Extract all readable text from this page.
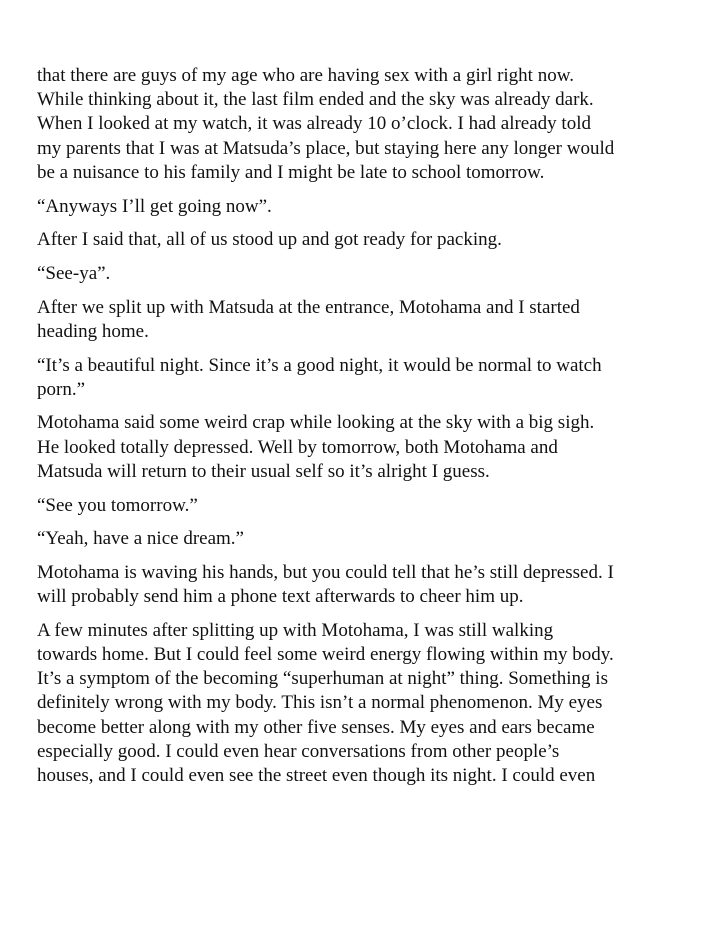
that there are guys of my age who are having sex with a girl right now.
While thinking about it, the last film ended and the sky was already dark.
When I looked at my watch, it was already 10 o’clock. I had already told
my parents that I was at Matsuda’s place, but staying here any longer would
be a nuisance to his family and I might be late to school tomorrow.

“Anyways I’ll get going now”.

After I said that, all of us stood up and got ready for packing.

“See-ya”.

After we split up with Matsuda at the entrance, Motohama and I started
heading home.

“It’s a beautiful night. Since it’s a good night, it would be normal to watch
porn.”

Motohama said some weird crap while looking at the sky with a big sigh.
He looked totally depressed. Well by tomorrow, both Motohama and
Matsuda will return to their usual self so it’s alright I guess.

“See you tomorrow.”

“Yeah, have a nice dream.”

Motohama is waving his hands, but you could tell that he’s still depressed. I
will probably send him a phone text afterwards to cheer him up.

A few minutes after splitting up with Motohama, I was still walking
towards home. But I could feel some weird energy flowing within my body.
It’s a symptom of the becoming “superhuman at night” thing. Something is
definitely wrong with my body. This isn’t a normal phenomenon. My eyes
become better along with my other five senses. My eyes and ears became
especially good. I could even hear conversations from other people’s
houses, and I could even see the street even though its night. I could even
